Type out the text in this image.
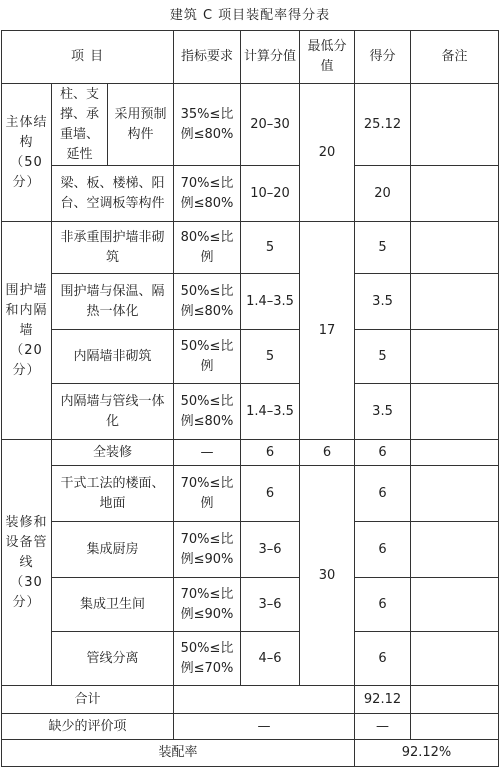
建筑 C 项目装配率得分表
项 目			指标要求	计算分值	最低分值	得分	备注
主体结构（50分）	柱、支撑、承重墙、延性	采用预制构件	35%≤比例≤80%	20–30	20	25.12	
	梁、板、楼梯、阳台、空调板等构件		70%≤比例≤80%	10–20		20	
围护墙和内隔墙（20分）	非承重围护墙非砌筑		80%≤比例	5	17	5	
	围护墙与保温、隔热一体化		50%≤比例≤80%	1.4–3.5		3.5	
	内隔墙非砌筑		50%≤比例	5		5	
	内隔墙与管线一体化		50%≤比例≤80%	1.4–3.5		3.5	
装修和设备管线（30分）	全装修		—	6	6	6	
	干式工法的楼面、地面		70%≤比例	6	30	6	
	集成厨房		70%≤比例≤90%	3–6		6	
	集成卫生间		70%≤比例≤90%	3–6		6	
	管线分离		50%≤比例≤70%	4–6		6	
合计						92.12	
缺少的评价项			—			—	
装配率						92.12%	
